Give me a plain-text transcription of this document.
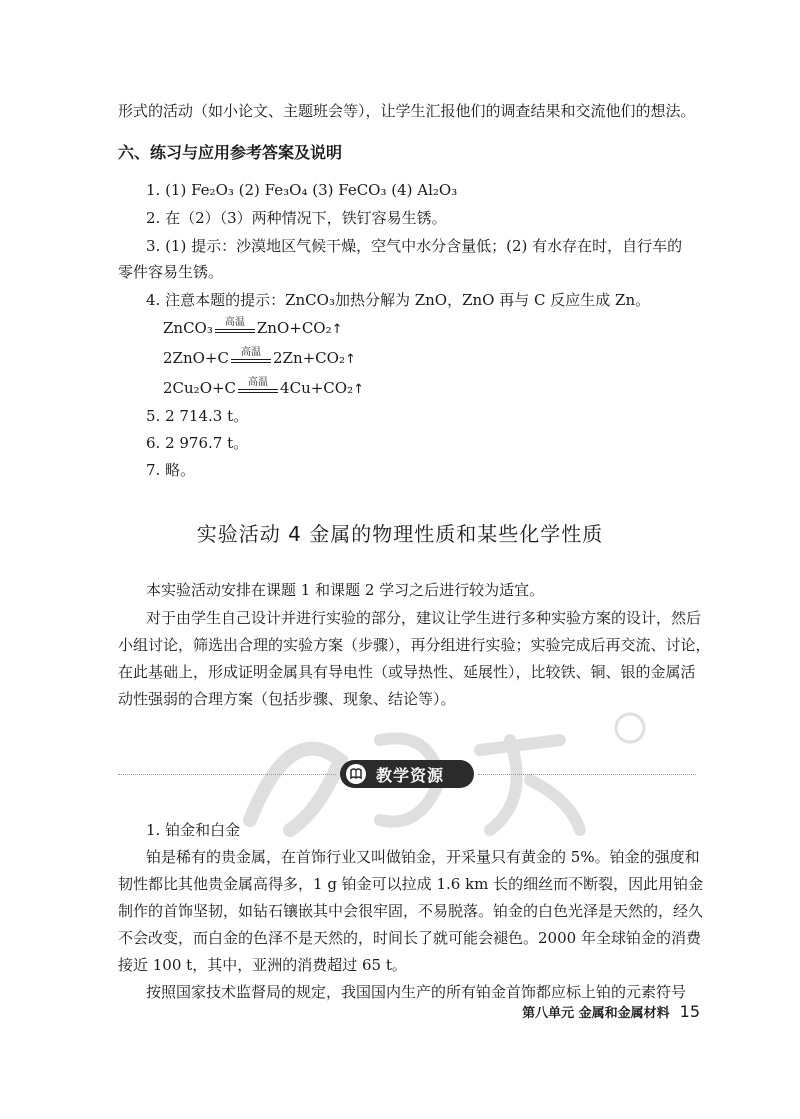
形式的活动（如小论文、主题班会等），让学生汇报他们的调查结果和交流他们的想法。
六、练习与应用参考答案及说明
1. (1) Fe₂O₃ (2) Fe₃O₄ (3) FeCO₃ (4) Al₂O₃
2. 在（2）（3）两种情况下，铁钉容易生锈。
3. (1) 提示：沙漠地区气候干燥，空气中水分含量低；(2) 有水存在时，自行车的
零件容易生锈。
4. 注意本题的提示：ZnCO₃加热分解为 ZnO，ZnO 再与 C 反应生成 Zn。
ZnCO₃	高温 ZnO+CO₂↑
2ZnO+C	高温 2Zn+CO₂↑
2Cu₂O+C	高温 4Cu+CO₂↑
5. 2 714.3 t。
6. 2 976.7 t。
7. 略。
实验活动 4 金属的物理性质和某些化学性质
本实验活动安排在课题 1 和课题 2 学习之后进行较为适宜。
对于由学生自己设计并进行实验的部分，建议让学生进行多种实验方案的设计，然后
小组讨论，筛选出合理的实验方案（步骤），再分组进行实验；实验完成后再交流、讨论，
在此基础上，形成证明金属具有导电性（或导热性、延展性），比较铁、铜、银的金属活
动性强弱的合理方案（包括步骤、现象、结论等）。
教学资源
1. 铂金和白金
铂是稀有的贵金属，在首饰行业又叫做铂金，开采量只有黄金的 5%。铂金的强度和
韧性都比其他贵金属高得多，1 g 铂金可以拉成 1.6 km 长的细丝而不断裂，因此用铂金
制作的首饰坚韧，如钻石镶嵌其中会很牢固，不易脱落。铂金的白色光泽是天然的，经久
不会改变，而白金的色泽不是天然的，时间长了就可能会褪色。2000 年全球铂金的消费
接近 100 t，其中，亚洲的消费超过 65 t。
按照国家技术监督局的规定，我国国内生产的所有铂金首饰都应标上铂的元素符号
第八单元 金属和金属材料 15
